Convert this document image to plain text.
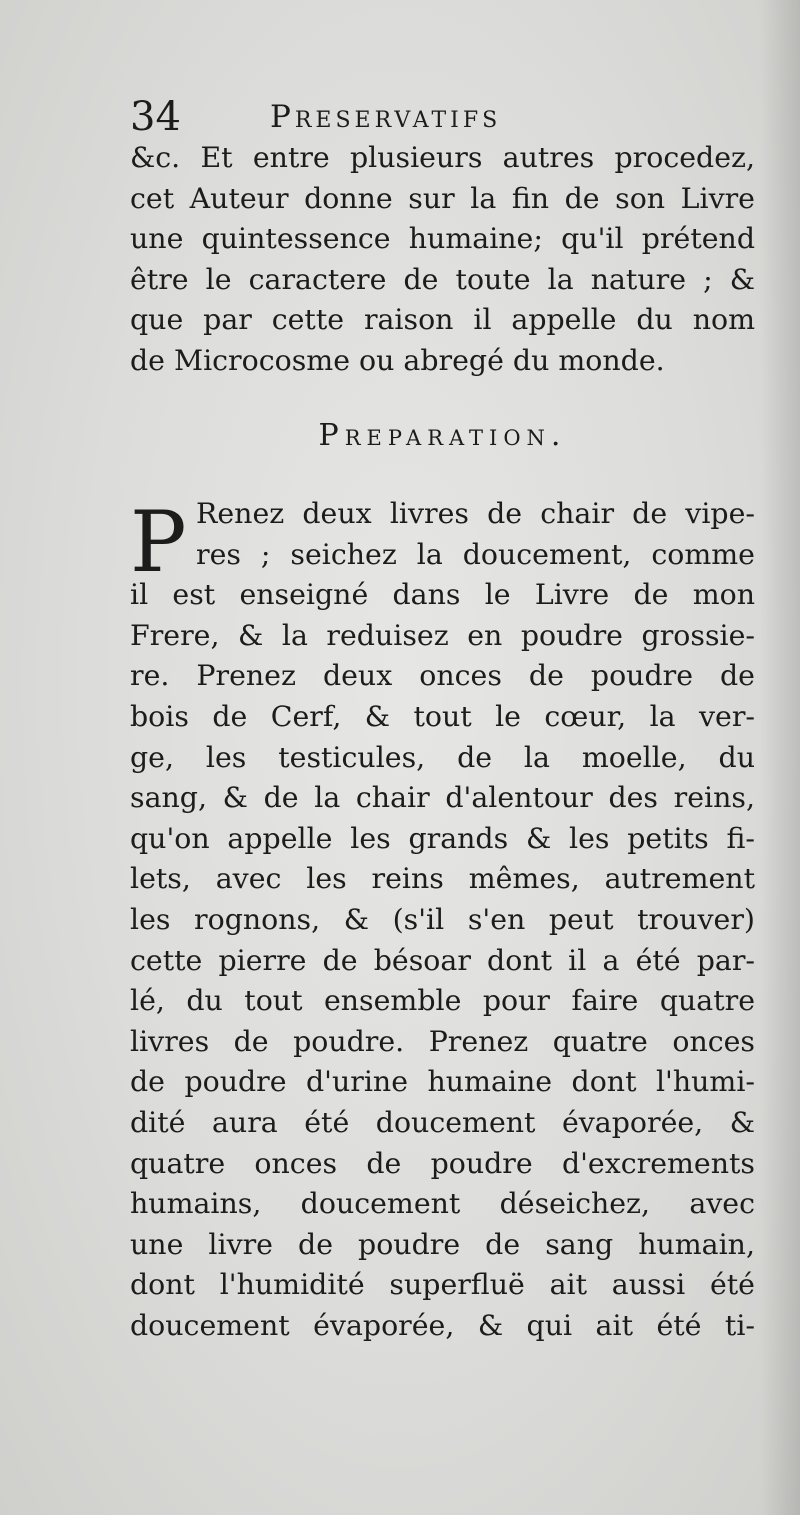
34	Preservatifs
&c. Et entre plusieurs autres procedez,
cet Auteur donne sur la fin de son Livre
une quintessence humaine; qu'il prétend
être le caractere de toute la nature ; &
que par cette raison il appelle du nom
de Microcosme ou abregé du monde.
Preparation.
P Renez deux livres de chair de vipe-
res ; seichez la doucement, comme
il est enseigné dans le Livre de mon
Frere, & la reduisez en poudre grossie-
re. Prenez deux onces de poudre de
bois de Cerf, & tout le cœur, la ver-
ge, les testicules, de la moelle, du
sang, & de la chair d'alentour des reins,
qu'on appelle les grands & les petits fi-
lets, avec les reins mêmes, autrement
les rognons, & (s'il s'en peut trouver)
cette pierre de bésoar dont il a été par-
lé, du tout ensemble pour faire quatre
livres de poudre. Prenez quatre onces
de poudre d'urine humaine dont l'humi-
dité aura été doucement évaporée, &
quatre onces de poudre d'excrements
humains, doucement déseichez, avec
une livre de poudre de sang humain,
dont l'humidité superfluë ait aussi été
doucement évaporée, & qui ait été ti-
